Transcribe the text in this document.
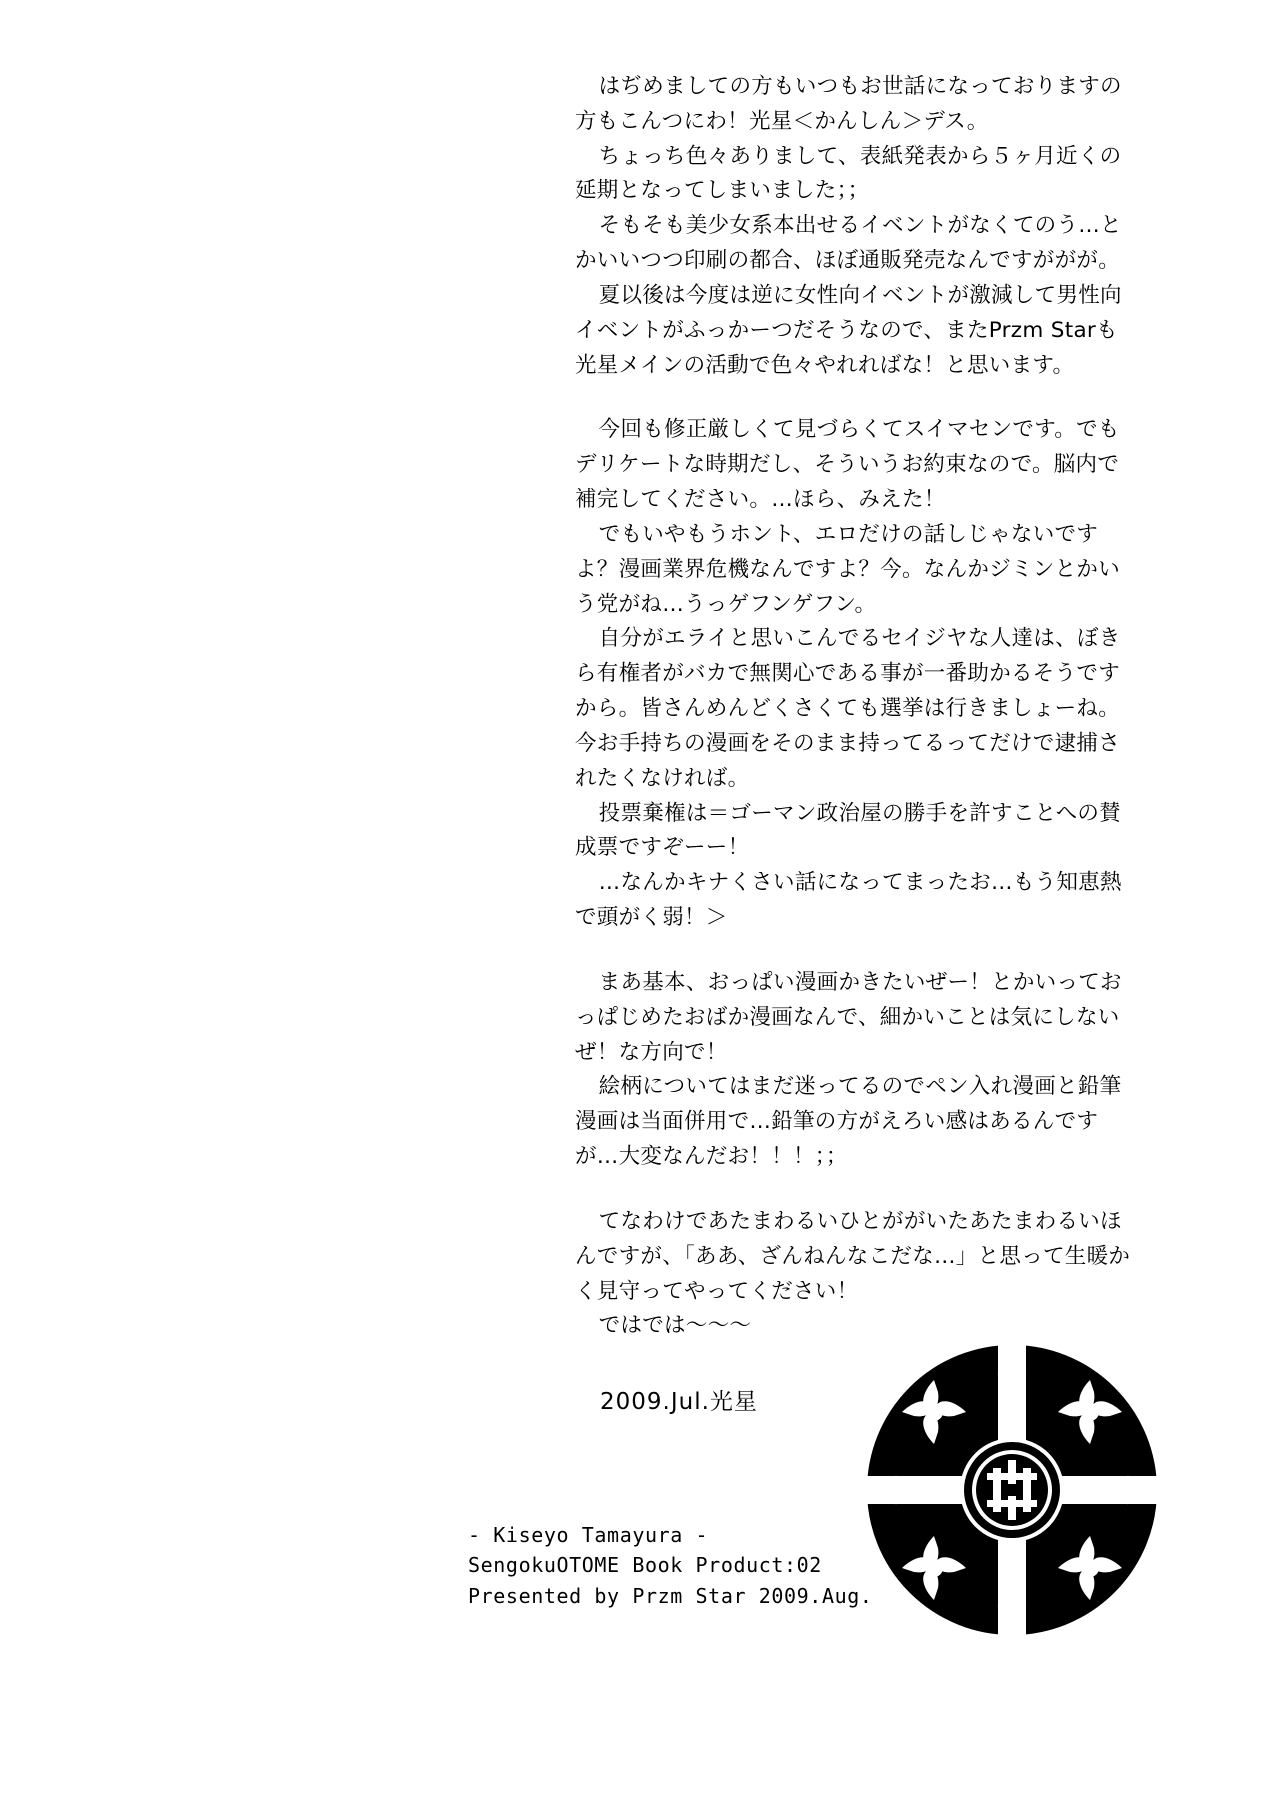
はぢめましての方もいつもお世話になっておりますの方もこんつにわ！光星＜かんしん＞デス。

ちょっち色々ありまして、表紙発表から５ヶ月近くの延期となってしまいました；；

そもそも美少女系本出せるイベントがなくてのう…とかいいつつ印刷の都合、ほぼ通販発売なんですががが。

夏以後は今度は逆に女性向イベントが激減して男性向イベントがふっかーつだそうなので、またPrzm Starも光星メインの活動で色々やれればな！と思います。

今回も修正厳しくて見づらくてスイマセンです。でもデリケートな時期だし、そういうお約束なので。脳内で補完してください。…ほら、みえた！

でもいやもうホント、エロだけの話しじゃないですよ？漫画業界危機なんですよ？今。なんかジミンとかいう党がね…うっゲフンゲフン。

自分がエライと思いこんでるセイジヤな人達は、ぼきら有権者がバカで無関心である事が一番助かるそうですから。皆さんめんどくさくても選挙は行きましょーね。今お手持ちの漫画をそのまま持ってるってだけで逮捕されたくなければ。

投票棄権は＝ゴーマン政治屋の勝手を許すことへの賛成票ですぞーー！

…なんかキナくさい話になってまったお…もう知恵熱で頭がく弱！＞

まあ基本、おっぱい漫画かきたいぜー！とかいっておっぱじめたおばか漫画なんで、細かいことは気にしないぜ！な方向で！

絵柄についてはまだ迷ってるのでペン入れ漫画と鉛筆漫画は当面併用で…鉛筆の方がえろい感はあるんですが…大変なんだお！！！；；

てなわけであたまわるいひとががいたあたまわるいほんですが、「ああ、ざんねんなこだな…」と思って生暖かく見守ってやってください！

ではでは～～～

2009.Jul.光星
- Kiseyo Tamayura -
SengokuOTOME Book Product:02
Presented by Przm Star 2009.Aug.
